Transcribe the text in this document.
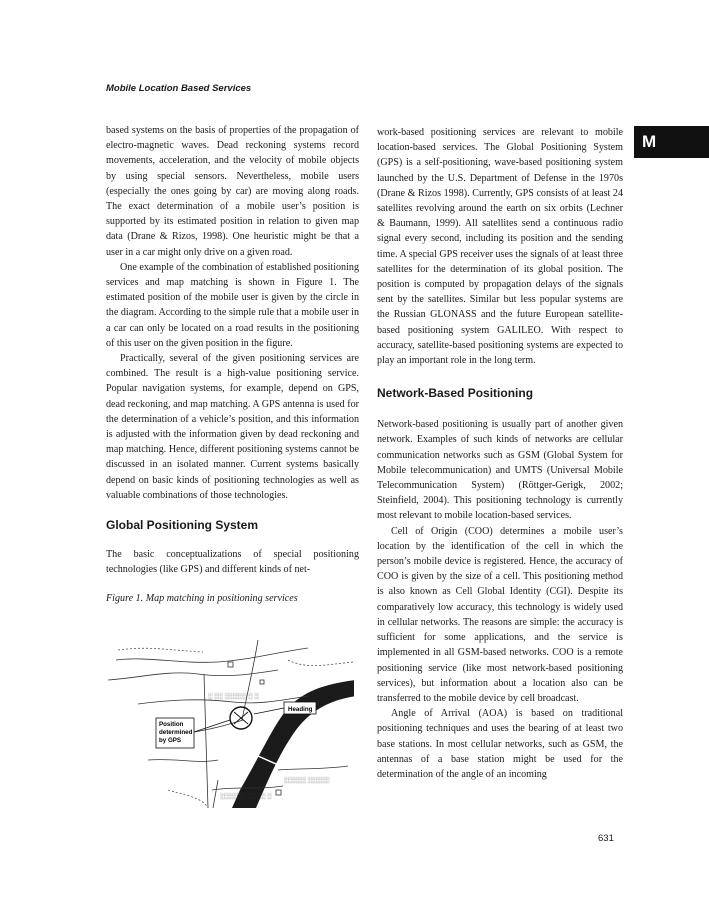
Mobile Location Based Services
M

based systems on the basis of properties of the propagation of electro-magnetic waves. Dead reckoning systems record movements, acceleration, and the velocity of mobile objects by using special sensors. Nevertheless, mobile users (especially the ones going by car) are moving along roads. The exact determination of a mobile user’s position is supported by its estimated position in relation to given map data (Drane & Rizos, 1998). One heuristic might be that a user in a car might only drive on a given road.

One example of the combination of established positioning services and map matching is shown in Figure 1. The estimated position of the mobile user is given by the circle in the diagram. According to the simple rule that a mobile user in a car can only be located on a road results in the positioning of this user on the given position in the figure.

Practically, several of the given positioning services are combined. The result is a high-value positioning service. Popular navigation systems, for example, depend on GPS, dead reckoning, and map matching. A GPS antenna is used for the determination of a vehicle’s position, and this information is adjusted with the information given by dead reckoning and map matching. Hence, different positioning systems cannot be discussed in an isolated manner. Current systems basically depend on basic kinds of positioning technologies as well as valuable combinations of those technologies.

Global Positioning System

The basic conceptualizations of special positioning technologies (like GPS) and different kinds of net-

Figure 1. Map matching in positioning services

░ ░░ ░░░░░ ░ ░
░░░░░ ░░░░░
░░░░░░ ░░░░ ░
Heading
Position
determined
by GPS

work-based positioning services are relevant to mobile location-based services. The Global Positioning System (GPS) is a self-positioning, wave-based positioning system launched by the U.S. Department of Defense in the 1970s (Drane & Rizos 1998). Currently, GPS consists of at least 24 satellites revolving around the earth on six orbits (Lechner & Baumann, 1999). All satellites send a continuous radio signal every second, including its position and the sending time. A special GPS receiver uses the signals of at least three satellites for the determination of its global position. The position is computed by propagation delays of the signals sent by the satellites. Similar but less popular systems are the Russian GLONASS and the future European satellite-based positioning system GALILEO. With respect to accuracy, satellite-based positioning systems are expected to play an important role in the long term.

Network-Based Positioning

Network-based positioning is usually part of another given network. Examples of such kinds of networks are cellular communication networks such as GSM (Global System for Mobile telecommunication) and UMTS (Universal Mobile Telecommunication System) (Röttger-Gerigk, 2002; Steinfield, 2004). This positioning technology is currently most relevant to mobile location-based services.

Cell of Origin (COO) determines a mobile user’s location by the identification of the cell in which the person’s mobile device is registered. Hence, the accuracy of COO is given by the size of a cell. This positioning method is also known as Cell Global Identity (CGI). Despite its comparatively low accuracy, this technology is widely used in cellular networks. The reasons are simple: the accuracy is sufficient for some applications, and the service is implemented in all GSM-based networks. COO is a remote positioning service (like most network-based positioning services), but information about a location also can be transferred to the mobile device by cell broadcast.

Angle of Arrival (AOA) is based on traditional positioning techniques and uses the bearing of at least two base stations. In most cellular networks, such as GSM, the antennas of a base station might be used for the determination of the angle of an incoming

631
